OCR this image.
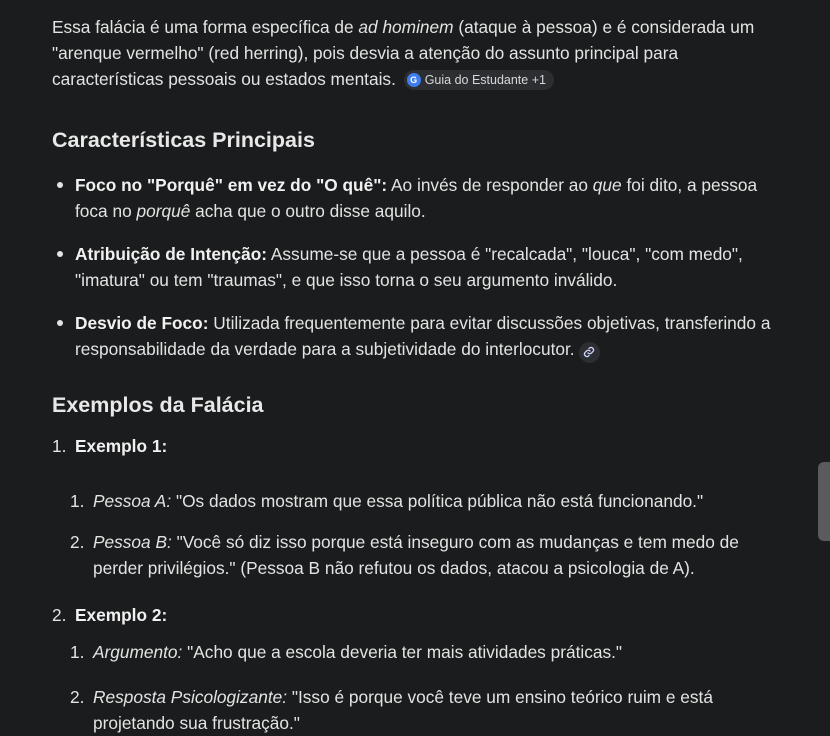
Essa falácia é uma forma específica de ad hominem (ataque à pessoa) e é considerada um "arenque vermelho" (red herring), pois desvia a atenção do assunto principal para características pessoais ou estados mentais.	G Guia do Estudante +1

Características Principais

Foco no "Porquê" em vez do "O quê": Ao invés de responder ao que foi dito, a pessoa foca no porquê acha que o outro disse aquilo.

Atribuição de Intenção: Assume-se que a pessoa é "recalcada", "louca", "com medo", "imatura" ou tem "traumas", e que isso torna o seu argumento inválido.

Desvio de Foco: Utilizada frequentemente para evitar discussões objetivas, transferindo a responsabilidade da verdade para a subjetividade do interlocutor.

Exemplos da Falácia
1. Exemplo 1:

1. Pessoa A: "Os dados mostram que essa política pública não está funcionando."

2. Pessoa B: "Você só diz isso porque está inseguro com as mudanças e tem medo de perder privilégios." (Pessoa B não refutou os dados, atacou a psicologia de A).

2. Exemplo 2:

1. Argumento: "Acho que a escola deveria ter mais atividades práticas."

2. Resposta Psicologizante: "Isso é porque você teve um ensino teórico ruim e está projetando sua frustração."
